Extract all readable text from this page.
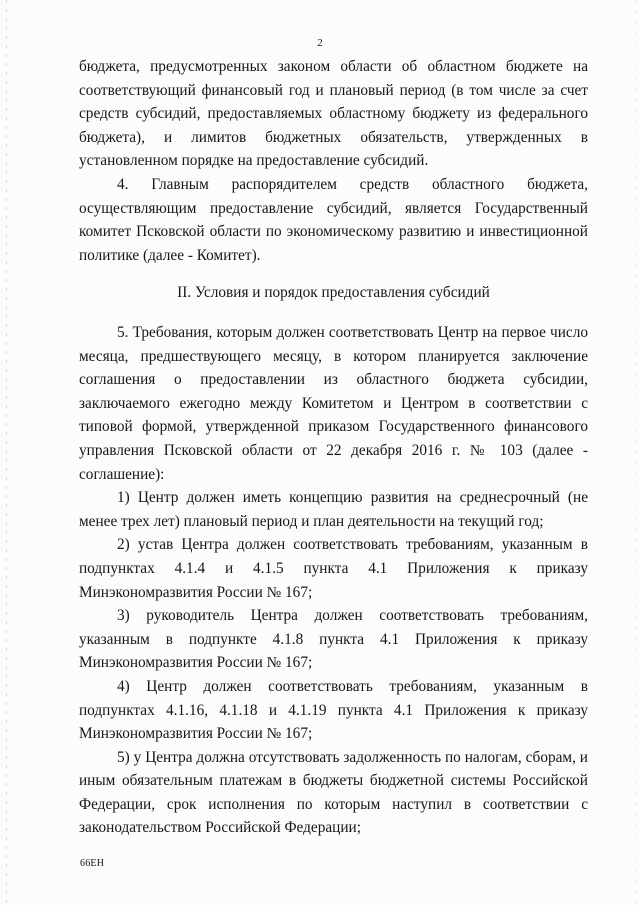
2

бюджета, предусмотренных законом области об областном бюджете на соответствующий финансовый год и плановый период (в том числе за счет средств субсидий, предоставляемых областному бюджету из федерального бюджета), и лимитов бюджетных обязательств, утвержденных в установленном порядке на предоставление субсидий.

4. Главным распорядителем средств областного бюджета, осуществляющим предоставление субсидий, является Государственный комитет Псковской области по экономическому развитию и инвестиционной политике (далее - Комитет).

II. Условия и порядок предоставления субсидий

5. Требования, которым должен соответствовать Центр на первое число месяца, предшествующего месяцу, в котором планируется заключение соглашения о предоставлении из областного бюджета субсидии, заключаемого ежегодно между Комитетом и Центром в соответствии с типовой формой, утвержденной приказом Государственного финансового управления Псковской области от 22 декабря 2016 г. № 103 (далее - соглашение):

1) Центр должен иметь концепцию развития на среднесрочный (не менее трех лет) плановый период и план деятельности на текущий год;

2) устав Центра должен соответствовать требованиям, указанным в подпунктах 4.1.4 и 4.1.5 пункта 4.1 Приложения к приказу Минэкономразвития России № 167;

3) руководитель Центра должен соответствовать требованиям, указанным в подпункте 4.1.8 пункта 4.1 Приложения к приказу Минэкономразвития России № 167;

4) Центр должен соответствовать требованиям, указанным в подпунктах 4.1.16, 4.1.18 и 4.1.19 пункта 4.1 Приложения к приказу Минэкономразвития России № 167;

5) у Центра должна отсутствовать задолженность по налогам, сборам, и иным обязательным платежам в бюджеты бюджетной системы Российской Федерации, срок исполнения по которым наступил в соответствии с законодательством Российской Федерации;

66ЕН
